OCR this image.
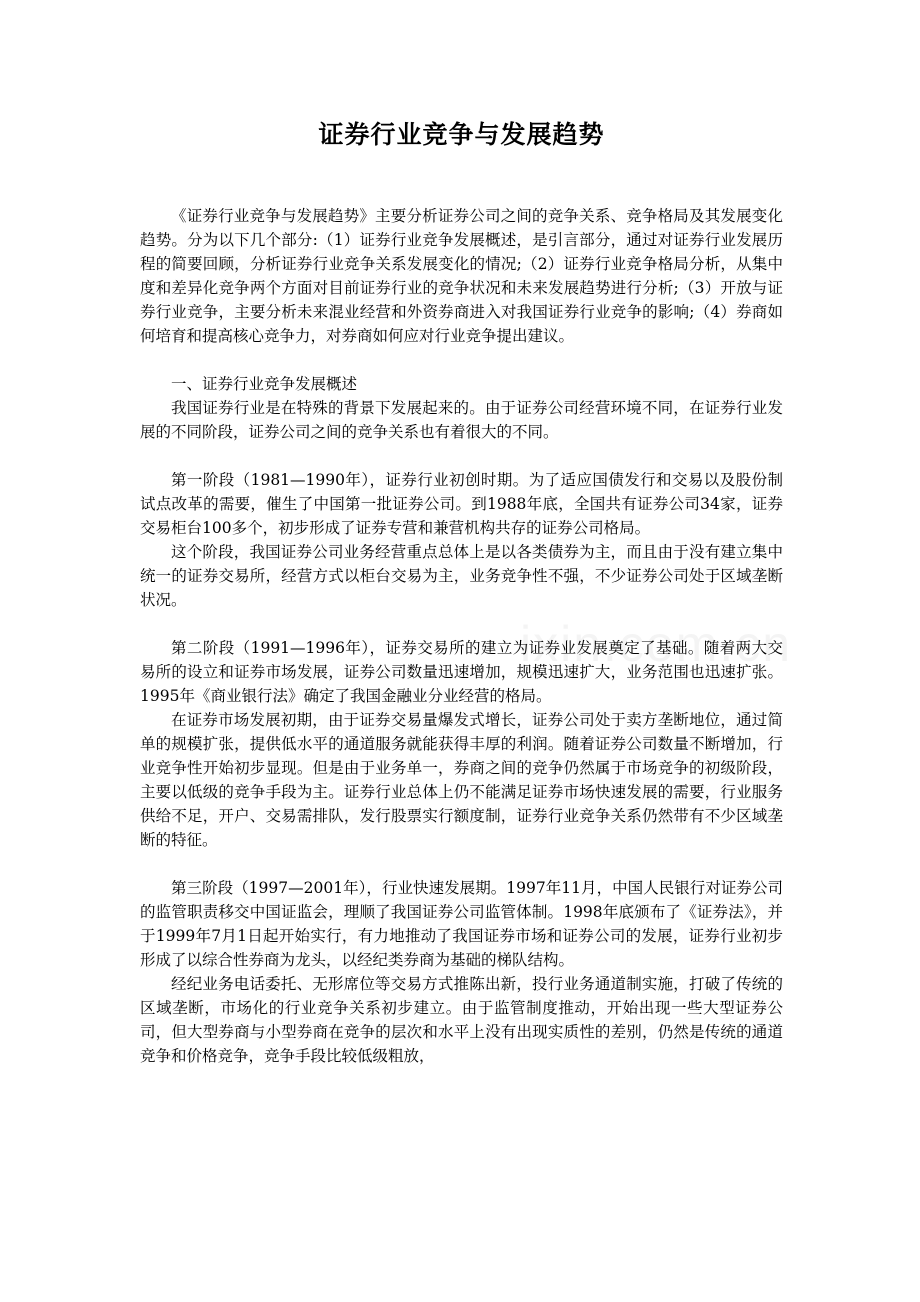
证券行业竞争与发展趋势

《证券行业竞争与发展趋势》主要分析证券公司之间的竞争关系、竞争格局及其发展变化趋势。分为以下几个部分:（1）证券行业竞争发展概述，是引言部分，通过对证券行业发展历程的简要回顾，分析证券行业竞争关系发展变化的情况;（2）证券行业竞争格局分析，从集中度和差异化竞争两个方面对目前证券行业的竞争状况和未来发展趋势进行分析;（3）开放与证券行业竞争，主要分析未来混业经营和外资券商进入对我国证券行业竞争的影响;（4）券商如何培育和提高核心竞争力，对券商如何应对行业竞争提出建议。

一、证券行业竞争发展概述

我国证券行业是在特殊的背景下发展起来的。由于证券公司经营环境不同，在证券行业发展的不同阶段，证券公司之间的竞争关系也有着很大的不同。

第一阶段（1981—1990年），证券行业初创时期。为了适应国债发行和交易以及股份制试点改革的需要，催生了中国第一批证券公司。到1988年底，全国共有证券公司34家，证券交易柜台100多个，初步形成了证券专营和兼营机构共存的证券公司格局。

这个阶段，我国证券公司业务经营重点总体上是以各类债券为主，而且由于没有建立集中统一的证券交易所，经营方式以柜台交易为主，业务竞争性不强，不少证券公司处于区域垄断状况。

第二阶段（1991—1996年），证券交易所的建立为证券业发展奠定了基础。随着两大交易所的设立和证券市场发展，证券公司数量迅速增加，规模迅速扩大，业务范围也迅速扩张。1995年《商业银行法》确定了我国金融业分业经营的格局。

在证券市场发展初期，由于证券交易量爆发式增长，证券公司处于卖方垄断地位，通过简单的规模扩张，提供低水平的通道服务就能获得丰厚的利润。随着证券公司数量不断增加，行业竞争性开始初步显现。但是由于业务单一，券商之间的竞争仍然属于市场竞争的初级阶段，主要以低级的竞争手段为主。证券行业总体上仍不能满足证券市场快速发展的需要，行业服务供给不足，开户、交易需排队，发行股票实行额度制，证券行业竞争关系仍然带有不少区域垄断的特征。

第三阶段（1997—2001年），行业快速发展期。1997年11月，中国人民银行对证券公司的监管职责移交中国证监会，理顺了我国证券公司监管体制。1998年底颁布了《证券法》，并于1999年7月1日起开始实行，有力地推动了我国证券市场和证券公司的发展，证券行业初步形成了以综合性券商为龙头，以经纪类券商为基础的梯队结构。

经纪业务电话委托、无形席位等交易方式推陈出新，投行业务通道制实施，打破了传统的区域垄断，市场化的行业竞争关系初步建立。由于监管制度推动，开始出现一些大型证券公司，但大型券商与小型券商在竞争的层次和水平上没有出现实质性的差别，仍然是传统的通道竞争和价格竞争，竞争手段比较低级粗放，
